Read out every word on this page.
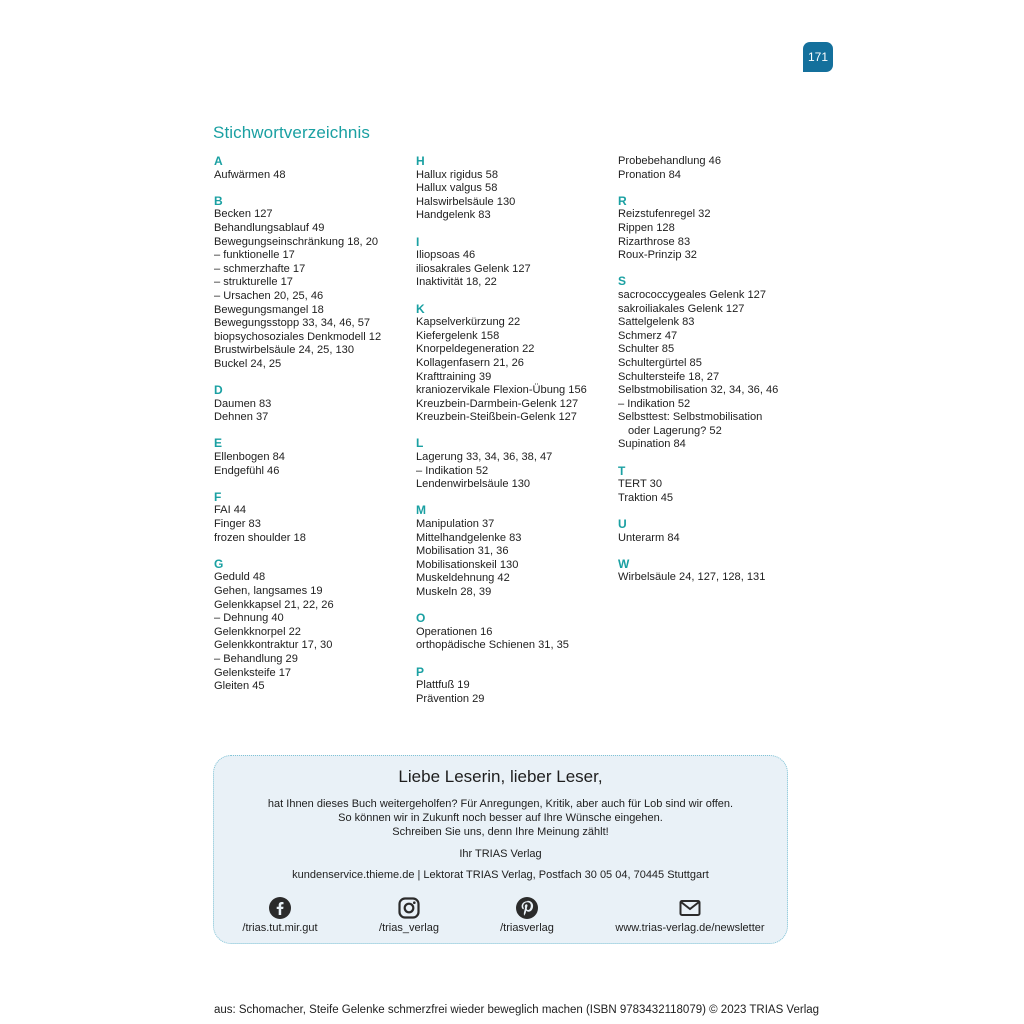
171
Stichwortverzeichnis
A
Aufwärmen 48
B
Becken 127
Behandlungsablauf 49
Bewegungseinschränkung 18, 20
– funktionelle 17
– schmerzhafte 17
– strukturelle 17
– Ursachen 20, 25, 46
Bewegungsmangel 18
Bewegungsstopp 33, 34, 46, 57
biopsychosoziales Denkmodell 12
Brustwirbelsäule 24, 25, 130
Buckel 24, 25
D
Daumen 83
Dehnen 37
E
Ellenbogen 84
Endgefühl 46
F
FAI 44
Finger 83
frozen shoulder 18
G
Geduld 48
Gehen, langsames 19
Gelenkkapsel 21, 22, 26
– Dehnung 40
Gelenkknorpel 22
Gelenkkontraktur 17, 30
– Behandlung 29
Gelenksteife 17
Gleiten 45
H
Hallux rigidus 58
Hallux valgus 58
Halswirbelsäule 130
Handgelenk 83
I
Iliopsoas 46
iliosakrales Gelenk 127
Inaktivität 18, 22
K
Kapselverkürzung 22
Kiefergelenk 158
Knorpeldegeneration 22
Kollagenfasern 21, 26
Krafttraining 39
kraniozervikale Flexion-Übung 156
Kreuzbein-Darmbein-Gelenk 127
Kreuzbein-Steißbein-Gelenk 127
L
Lagerung 33, 34, 36, 38, 47
– Indikation 52
Lendenwirbelsäule 130
M
Manipulation 37
Mittelhandgelenke 83
Mobilisation 31, 36
Mobilisationskeil 130
Muskeldehnung 42
Muskeln 28, 39
O
Operationen 16
orthopädische Schienen 31, 35
P
Plattfuß 19
Prävention 29
Probebehandlung 46
Pronation 84
R
Reizstufenregel 32
Rippen 128
Rizarthrose 83
Roux-Prinzip 32
S
sacrococcygeales Gelenk 127
sakroiliakales Gelenk 127
Sattelgelenk 83
Schmerz 47
Schulter 85
Schultergürtel 85
Schultersteife 18, 27
Selbstmobilisation 32, 34, 36, 46
– Indikation 52
Selbsttest: Selbstmobilisation
oder Lagerung? 52
Supination 84
T
TERT 30
Traktion 45
U
Unterarm 84
W
Wirbelsäule 24, 127, 128, 131
Liebe Leserin, lieber Leser,
hat Ihnen dieses Buch weitergeholfen? Für Anregungen, Kritik, aber auch für Lob sind wir offen.
So können wir in Zukunft noch besser auf Ihre Wünsche eingehen.
Schreiben Sie uns, denn Ihre Meinung zählt!
Ihr TRIAS Verlag
kundenservice.thieme.de | Lektorat TRIAS Verlag, Postfach 30 05 04, 70445 Stuttgart
/trias.tut.mir.gut	/trias_verlag	/triasverlag	www.trias-verlag.de/newsletter
aus: Schomacher, Steife Gelenke schmerzfrei wieder beweglich machen (ISBN 9783432118079) © 2023 TRIAS Verlag
